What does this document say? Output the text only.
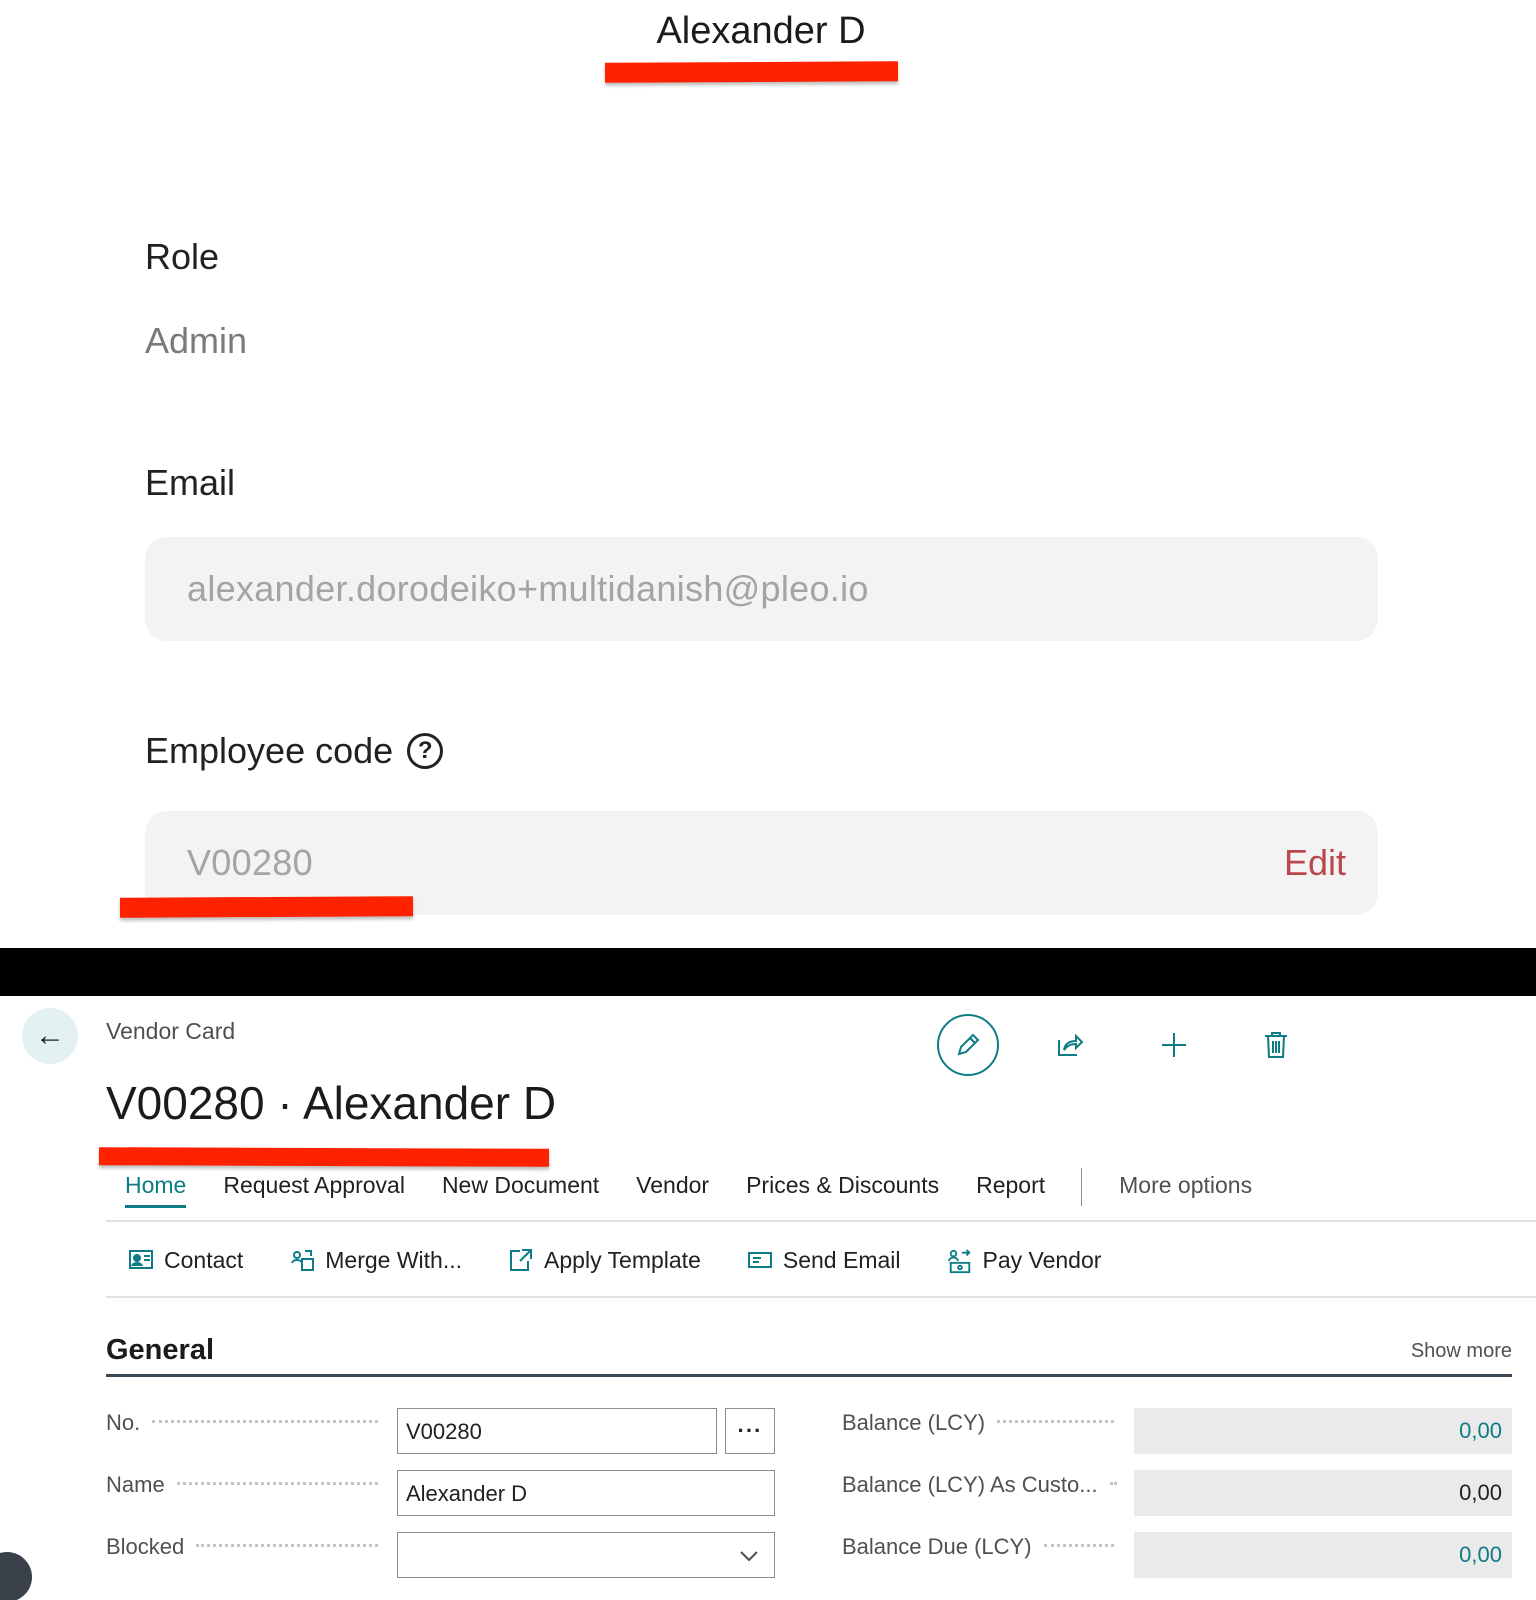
Alexander D
Role
Admin
Email
alexander.dorodeiko+multidanish@pleo.io
Employee code	?
V00280	Edit
← Vendor Card
V00280 · Alexander D
Home Request Approval New Document Vendor Prices & Discounts Report	More options
Contact	Merge With...	Apply Template	Send Email	Pay Vendor
General	Show more
No.	V00280	···
Name	Alexander D
Blocked
Balance (LCY)	0,00
Balance (LCY) As Custo...	0,00
Balance Due (LCY)	0,00
